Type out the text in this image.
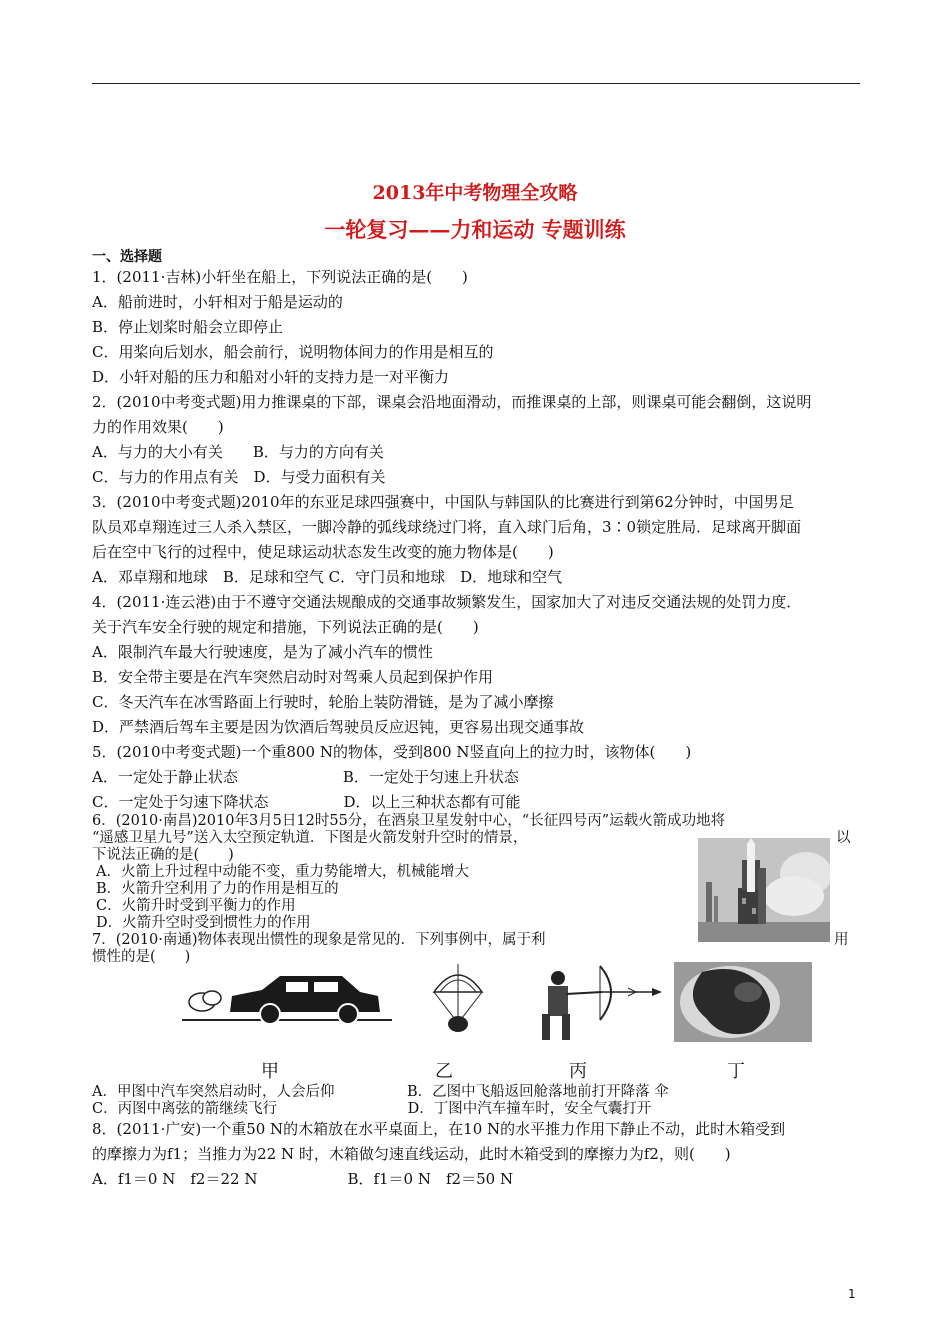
2013年中考物理全攻略
一轮复习——力和运动 专题训练
一、选择题
1．(2011·吉林)小轩坐在船上，下列说法正确的是(　　)
A．船前进时，小轩相对于船是运动的
B．停止划桨时船会立即停止
C．用桨向后划水，船会前行，说明物体间力的作用是相互的
D．小轩对船的压力和船对小轩的支持力是一对平衡力
2．(2010中考变式题)用力推课桌的下部，课桌会沿地面滑动，而推课桌的上部，则课桌可能会翻倒，这说明
力的作用效果(　　)
A．与力的大小有关　　B．与力的方向有关
C．与力的作用点有关　D．与受力面积有关
3．(2010中考变式题)2010年的东亚足球四强赛中，中国队与韩国队的比赛进行到第62分钟时，中国男足
队员邓卓翔连过三人杀入禁区，一脚冷静的弧线球绕过门将，直入球门后角，3∶0锁定胜局．足球离开脚面
后在空中飞行的过程中，使足球运动状态发生改变的施力物体是(　　)
A．邓卓翔和地球　B．足球和空气 C．守门员和地球　D．地球和空气
4．(2011·连云港)由于不遵守交通法规酿成的交通事故频繁发生，国家加大了对违反交通法规的处罚力度．
关于汽车安全行驶的规定和措施，下列说法正确的是(　　)
A．限制汽车最大行驶速度，是为了减小汽车的惯性
B．安全带主要是在汽车突然启动时对驾乘人员起到保护作用
C．冬天汽车在冰雪路面上行驶时，轮胎上装防滑链，是为了减小摩擦
D．严禁酒后驾车主要是因为饮酒后驾驶员反应迟钝，更容易出现交通事故
5．(2010中考变式题)一个重800 N的物体，受到800 N竖直向上的拉力时，该物体(　　)
A．一定处于静止状态　　　　　　　B．一定处于匀速上升状态
C．一定处于匀速下降状态　　　　　D．以上三种状态都有可能
6．(2010·南昌)2010年3月5日12时55分，在酒泉卫星发射中心，“长征四号丙”运载火箭成功地将
“遥感卫星九号”送入太空预定轨道．下图是火箭发射升空时的情景，	以
下说法正确的是(　　)
A．火箭上升过程中动能不变，重力势能增大，机械能增大
B．火箭升空利用了力的作用是相互的
C．火箭升时受到平衡力的作用
D．火箭升空时受到惯性力的作用
7．(2010·南通)物体表现出惯性的现象是常见的．下列事例中，属于利	用
惯性的是(　　)
甲	乙	丙	丁
A．甲图中汽车突然启动时，人会后仰　　　　　B．乙图中飞船返回舱落地前打开降落 伞
C．丙图中离弦的箭继续飞行　　　　　　　　　D．丁图中汽车撞车时，安全气囊打开
8．(2011·广安)一个重50 N的木箱放在水平桌面上，在10 N的水平推力作用下静止不动，此时木箱受到
的摩擦力为f1；当推力为22 N 时，木箱做匀速直线运动，此时木箱受到的摩擦力为f2，则(　　)
A．f1＝0 N　f2＝22 N　　　　　　B．f1＝0 N　f2＝50 N
1
